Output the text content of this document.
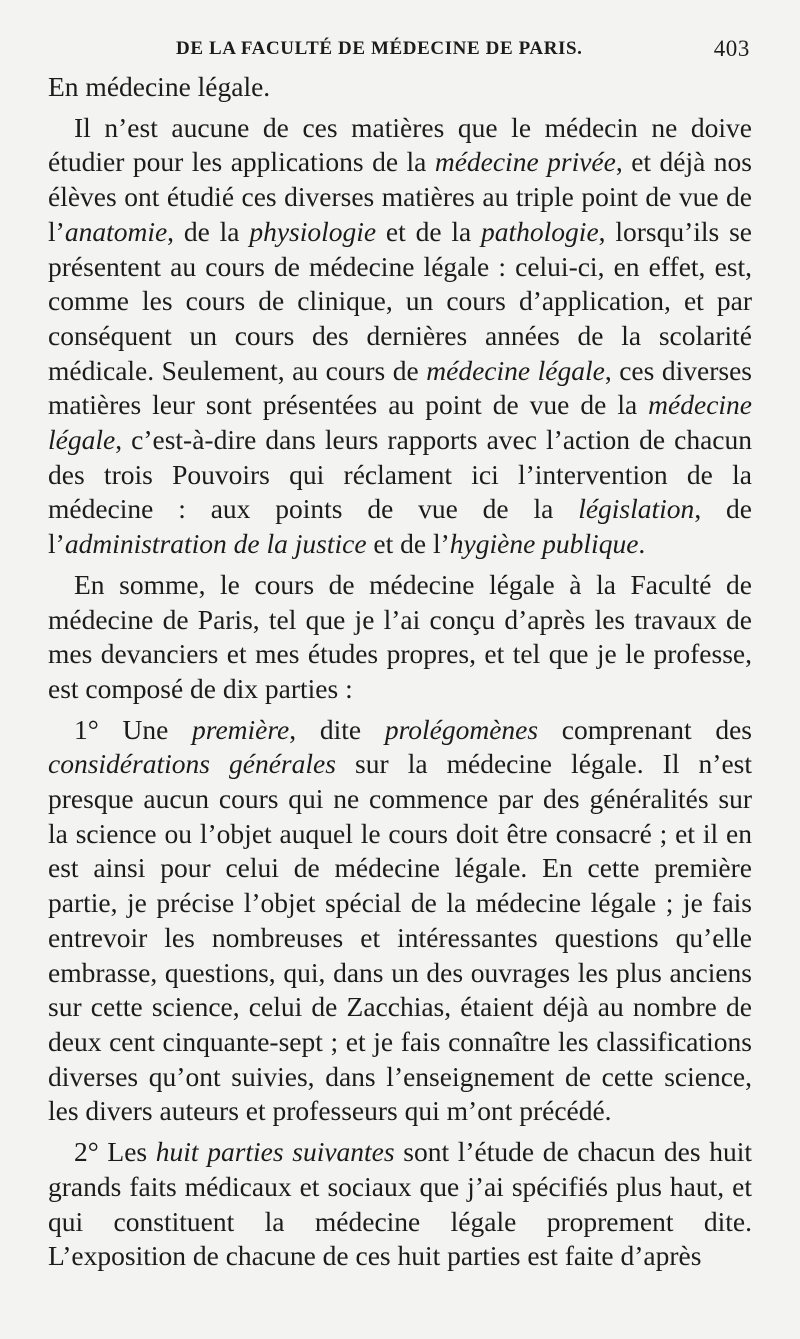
DE LA FACULTÉ DE MÉDECINE DE PARIS.	403

En médecine légale.

Il n’est aucune de ces matières que le médecin ne doive étudier pour les applications de la médecine privée, et déjà nos élèves ont étudié ces diverses matières au triple point de vue de l’anatomie, de la physiologie et de la pathologie, lorsqu’ils se présentent au cours de médecine légale : celui-ci, en effet, est, comme les cours de clinique, un cours d’application, et par conséquent un cours des dernières années de la scolarité médicale. Seulement, au cours de médecine légale, ces diverses matières leur sont présentées au point de vue de la médecine légale, c’est-à-dire dans leurs rapports avec l’action de chacun des trois Pouvoirs qui réclament ici l’intervention de la médecine : aux points de vue de la législation, de l’administration de la justice et de l’hygiène publique.

En somme, le cours de médecine légale à la Faculté de médecine de Paris, tel que je l’ai conçu d’après les travaux de mes devanciers et mes études propres, et tel que je le professe, est composé de dix parties :

1° Une première, dite prolégomènes comprenant des considérations générales sur la médecine légale. Il n’est presque aucun cours qui ne commence par des généralités sur la science ou l’objet auquel le cours doit être consacré ; et il en est ainsi pour celui de médecine légale. En cette première partie, je précise l’objet spécial de la médecine légale ; je fais entrevoir les nombreuses et intéressantes questions qu’elle embrasse, questions, qui, dans un des ouvrages les plus anciens sur cette science, celui de Zacchias, étaient déjà au nombre de deux cent cinquante-sept ; et je fais connaître les classifications diverses qu’ont suivies, dans l’enseignement de cette science, les divers auteurs et professeurs qui m’ont précédé.

2° Les huit parties suivantes sont l’étude de chacun des huit grands faits médicaux et sociaux que j’ai spécifiés plus haut, et qui constituent la médecine légale proprement dite. L’exposition de chacune de ces huit parties est faite d’après
